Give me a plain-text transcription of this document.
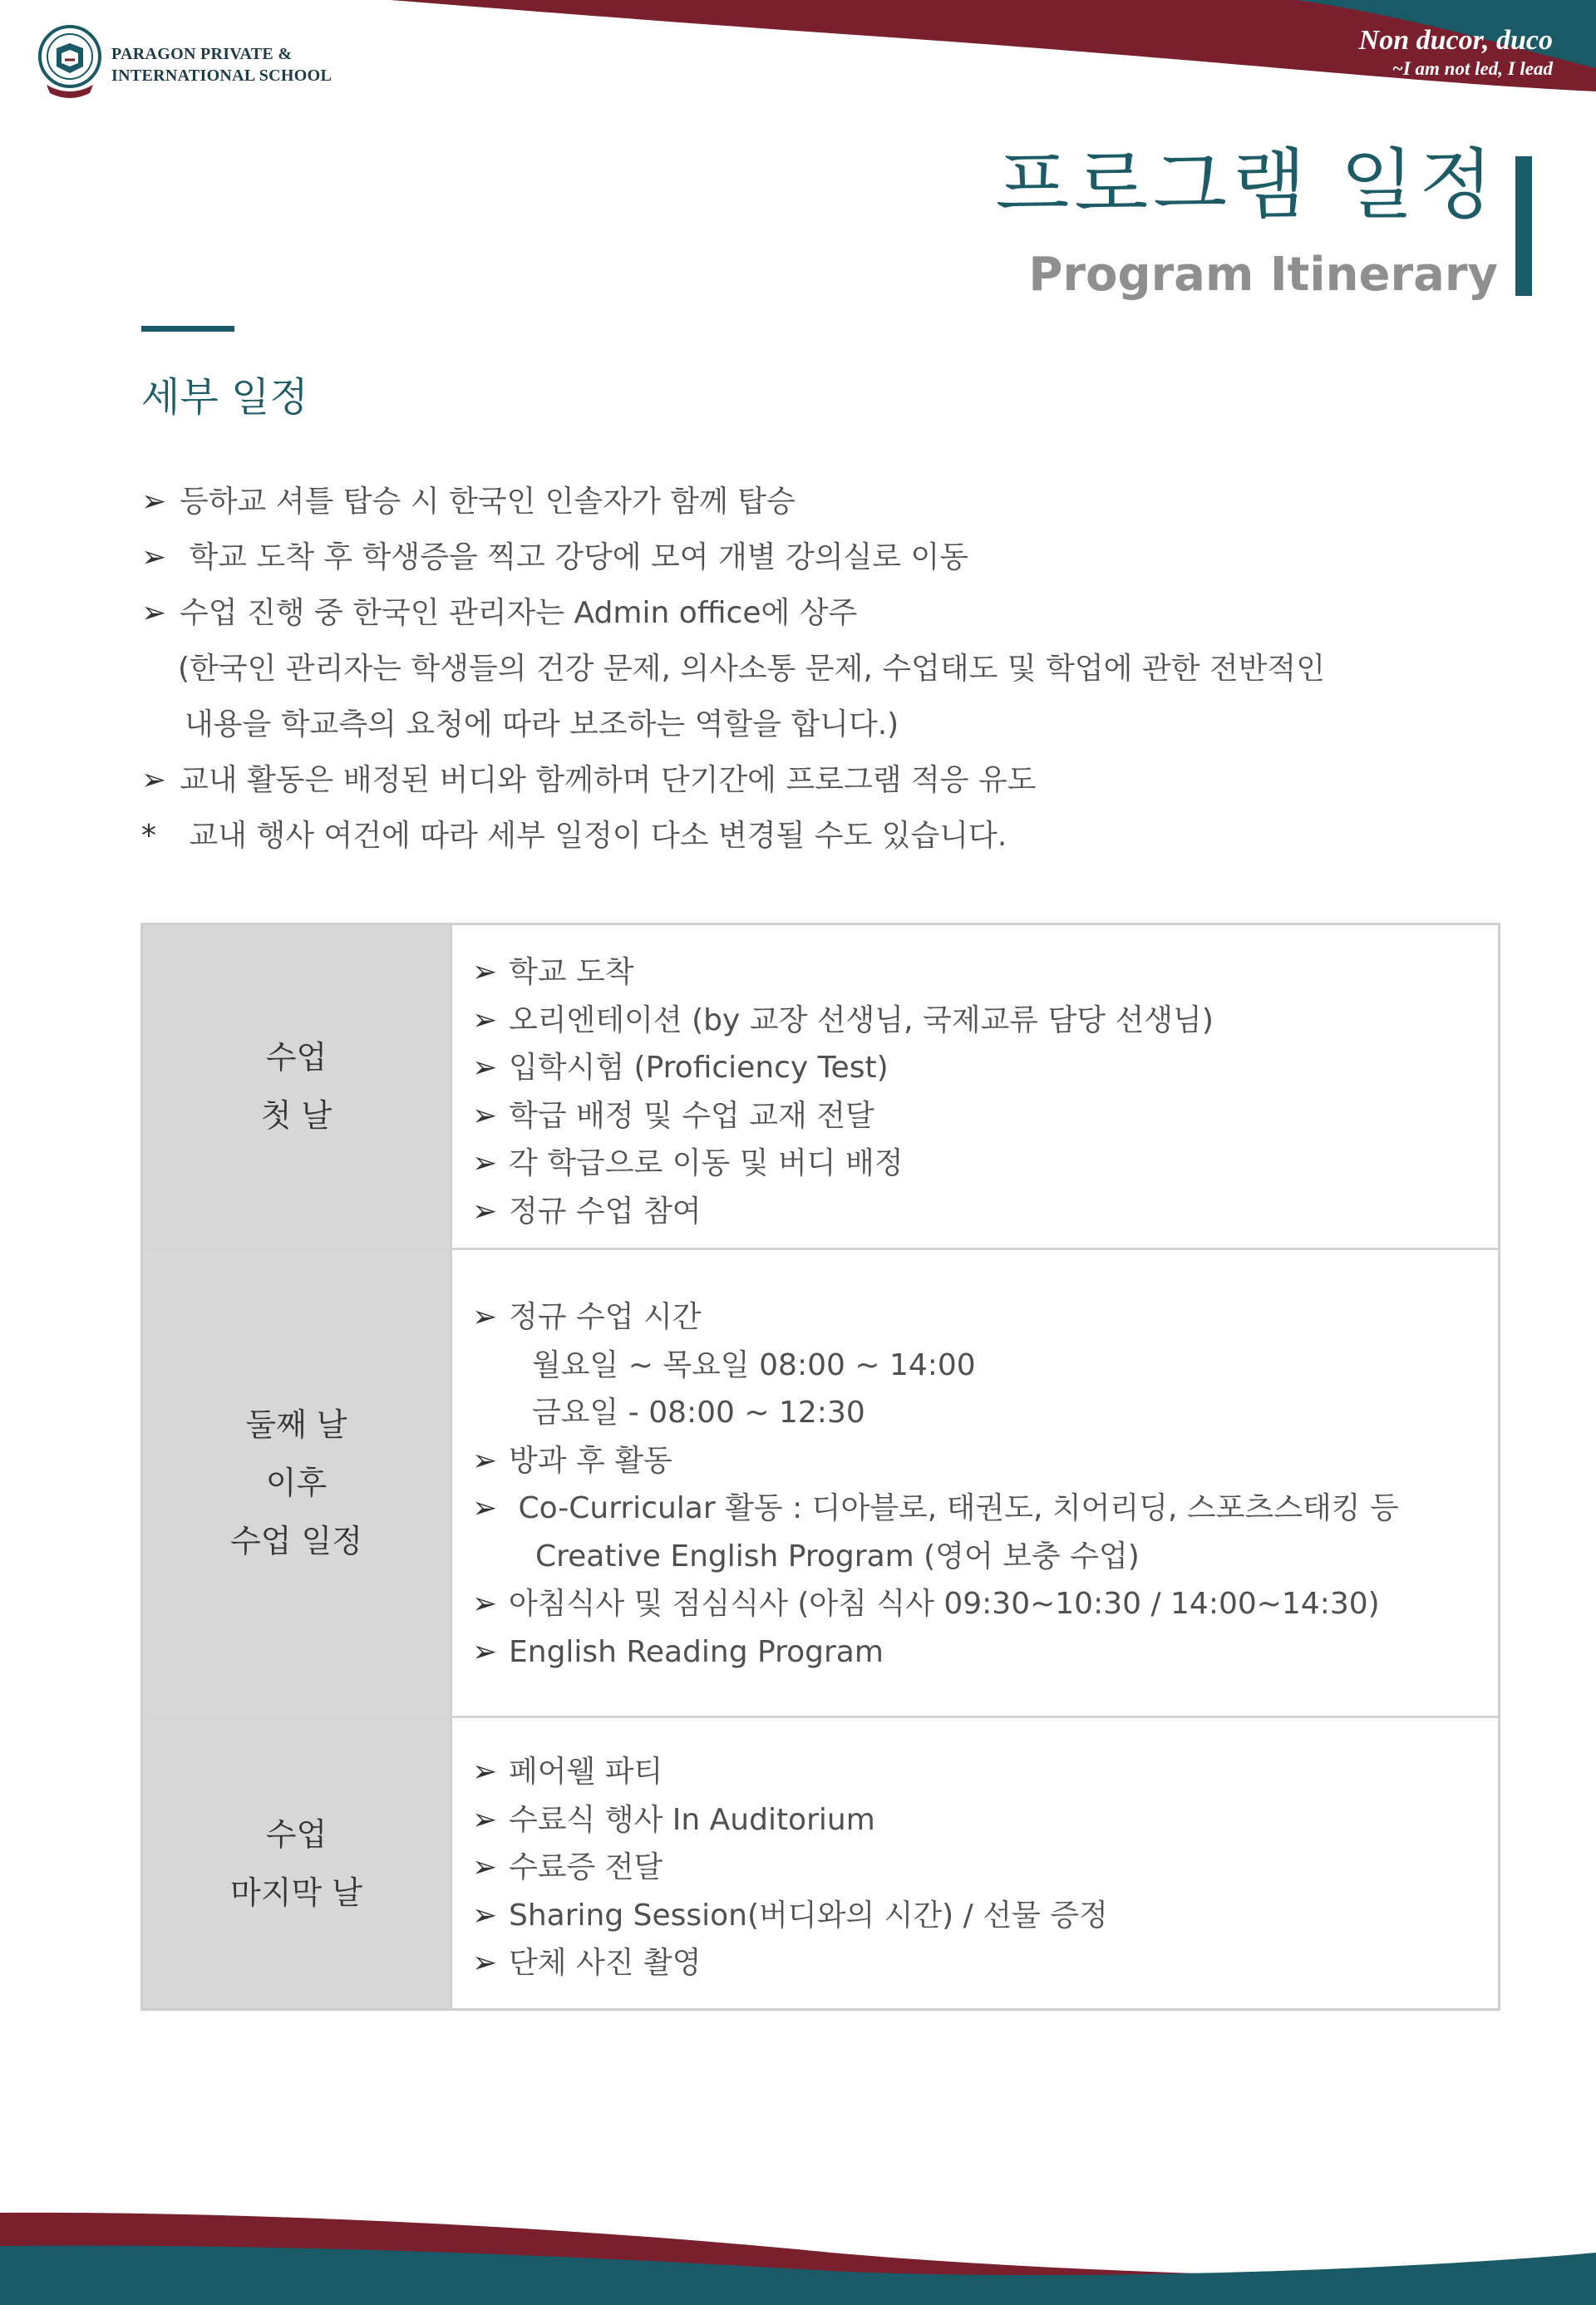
PARAGON PRIVATE &
INTERNATIONAL SCHOOL
Non ducor, duco
~I am not led, I lead
프로그램 일정
Program Itinerary
세부 일정
➢ 등하교 셔틀 탑승 시 한국인 인솔자가 함께 탑승
➢ 학교 도착 후 학생증을 찍고 강당에 모여 개별 강의실로 이동
➢ 수업 진행 중 한국인 관리자는 Admin office에 상주
(한국인 관리자는 학생들의 건강 문제, 의사소통 문제, 수업태도 및 학업에 관한 전반적인
내용을 학교측의 요청에 따라 보조하는 역할을 합니다.)
➢ 교내 활동은 배정된 버디와 함께하며 단기간에 프로그램 적응 유도
* 교내 행사 여건에 따라 세부 일정이 다소 변경될 수도 있습니다.
수업
첫 날
➢ 학교 도착
➢ 오리엔테이션 (by 교장 선생님, 국제교류 담당 선생님)
➢ 입학시험 (Proficiency Test)
➢ 학급 배정 및 수업 교재 전달
➢ 각 학급으로 이동 및 버디 배정
➢ 정규 수업 참여
둘째 날
이후
수업 일정
➢ 정규 수업 시간
월요일 ~ 목요일 08:00 ~ 14:00
금요일 - 08:00 ~ 12:30
➢ 방과 후 활동
➢ Co-Curricular 활동 : 디아블로, 태권도, 치어리딩, 스포츠스태킹 등
Creative English Program (영어 보충 수업)
➢ 아침식사 및 점심식사 (아침 식사 09:30~10:30 / 14:00~14:30)
➢ English Reading Program
수업
마지막 날
➢ 페어웰 파티
➢ 수료식 행사 In Auditorium
➢ 수료증 전달
➢ Sharing Session(버디와의 시간) / 선물 증정
➢ 단체 사진 촬영
